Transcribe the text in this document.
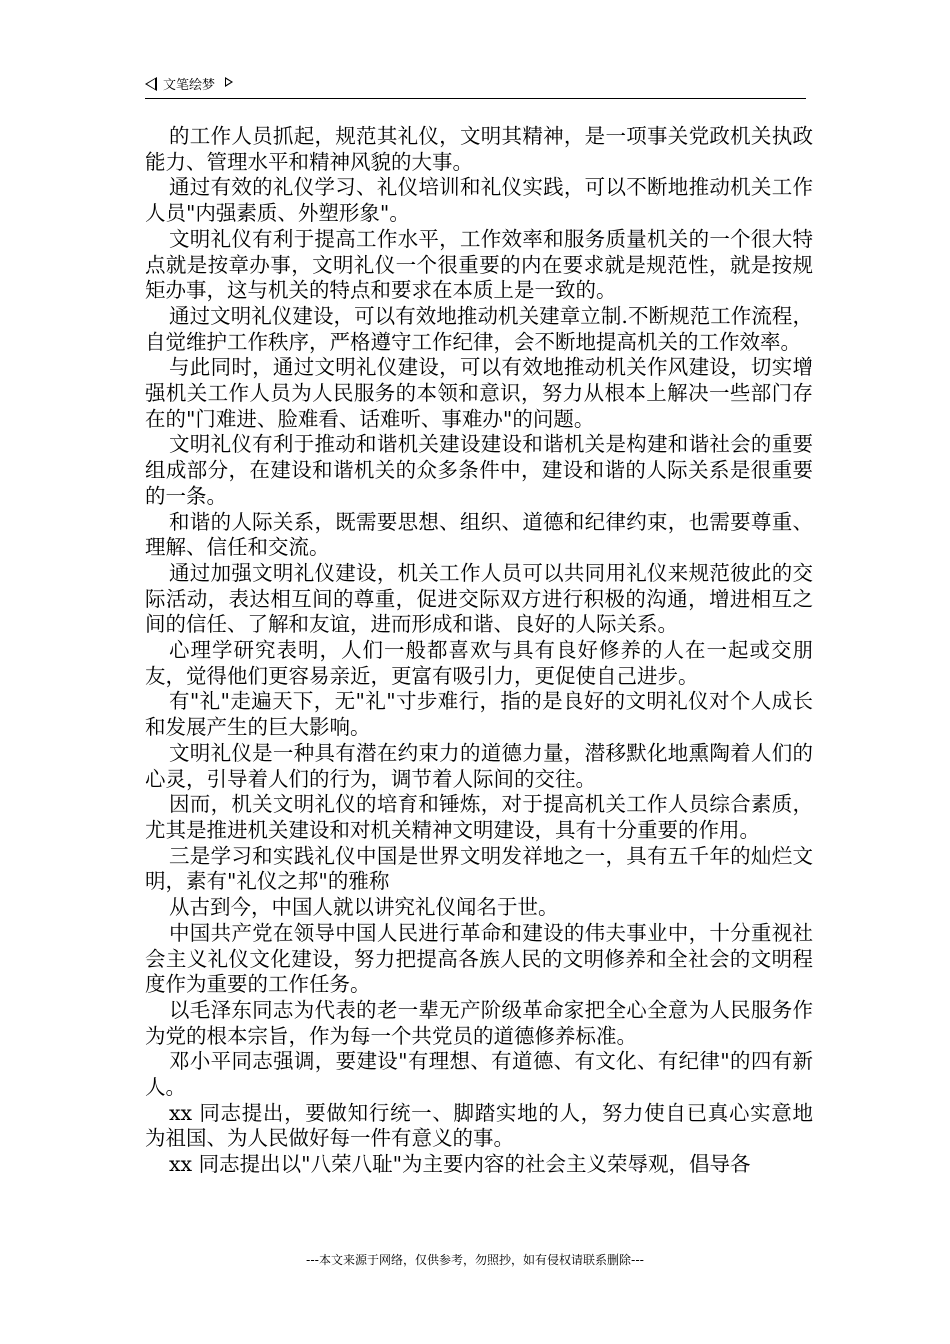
文笔绘梦

的工作人员抓起，规范其礼仪，文明其精神，是一项事关党政机关执政能力、管理水平和精神风貌的大事。

通过有效的礼仪学习、礼仪培训和礼仪实践，可以不断地推动机关工作人员"内强素质、外塑形象"。

文明礼仪有利于提高工作水平，工作效率和服务质量机关的一个很大特点就是按章办事，文明礼仪一个很重要的内在要求就是规范性，就是按规矩办事，这与机关的特点和要求在本质上是一致的。

通过文明礼仪建设，可以有效地推动机关建章立制.不断规范工作流程，自觉维护工作秩序，严格遵守工作纪律，会不断地提高机关的工作效率。

与此同时，通过文明礼仪建设，可以有效地推动机关作风建设，切实增强机关工作人员为人民服务的本领和意识，努力从根本上解决一些部门存在的"门难进、脸难看、话难听、事难办"的问题。

文明礼仪有利于推动和谐机关建设建设和谐机关是构建和谐社会的重要组成部分，在建设和谐机关的众多条件中，建设和谐的人际关系是很重要的一条。

和谐的人际关系，既需要思想、组织、道德和纪律约束，也需要尊重、理解、信任和交流。

通过加强文明礼仪建设，机关工作人员可以共同用礼仪来规范彼此的交际活动，表达相互间的尊重，促进交际双方进行积极的沟通，增进相互之间的信任、了解和友谊，进而形成和谐、良好的人际关系。

心理学研究表明，人们一般都喜欢与具有良好修养的人在一起或交朋友，觉得他们更容易亲近，更富有吸引力，更促使自己进步。

有"礼"走遍天下，无"礼"寸步难行，指的是良好的文明礼仪对个人成长和发展产生的巨大影响。

文明礼仪是一种具有潜在约束力的道德力量，潜移默化地熏陶着人们的心灵，引导着人们的行为，调节着人际间的交往。

因而，机关文明礼仪的培育和锤炼，对于提高机关工作人员综合素质，尤其是推进机关建设和对机关精神文明建设，具有十分重要的作用。

三是学习和实践礼仪中国是世界文明发祥地之一，具有五千年的灿烂文明，素有"礼仪之邦"的雅称

从古到今，中国人就以讲究礼仪闻名于世。

中国共产党在领导中国人民进行革命和建设的伟夫事业中，十分重视社会主义礼仪文化建设，努力把提高各族人民的文明修养和全社会的文明程度作为重要的工作任务。

以毛泽东同志为代表的老一辈无产阶级革命家把全心全意为人民服务作为党的根本宗旨，作为每一个共党员的道德修养标准。

邓小平同志强调，要建设"有理想、有道德、有文化、有纪律"的四有新人。

xx 同志提出，要做知行统一、脚踏实地的人，努力使自已真心实意地为祖国、为人民做好每一件有意义的事。

xx 同志提出以"八荣八耻"为主要内容的社会主义荣辱观，倡导各

---本文来源于网络，仅供参考，勿照抄，如有侵权请联系删除---
